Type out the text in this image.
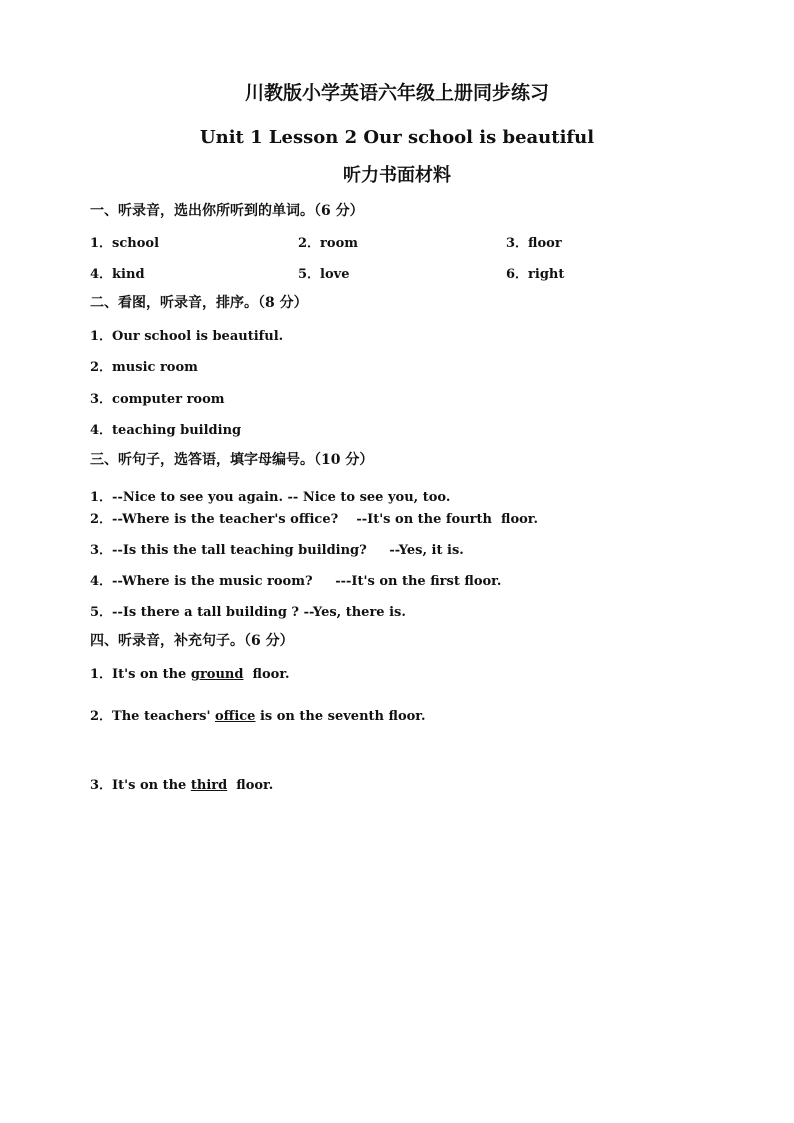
川教版小学英语六年级上册同步练习
Unit 1 Lesson 2 Our school is beautiful
听力书面材料
一、听录音，选出你所听到的单词。（6 分）
1．school	2．room	3．floor
4．kind	5．love	6．right
二、看图，听录音，排序。（8 分）
1．Our school is beautiful.
2．music room
3．computer room
4．teaching building
三、听句子，选答语，填字母编号。（10 分）
1．--Nice to see you again. -- Nice to see you, too.
2．--Where is the teacher's office?    --It's on the fourth  floor.
3．--Is this the tall teaching building?     --Yes, it is.
4．--Where is the music room?     ---It's on the first floor.
5．--Is there a tall building ? --Yes, there is.
四、听录音，补充句子。（6 分）
1．It's on the ground  floor.
2．The teachers' office is on the seventh floor.
3．It's on the third  floor.
